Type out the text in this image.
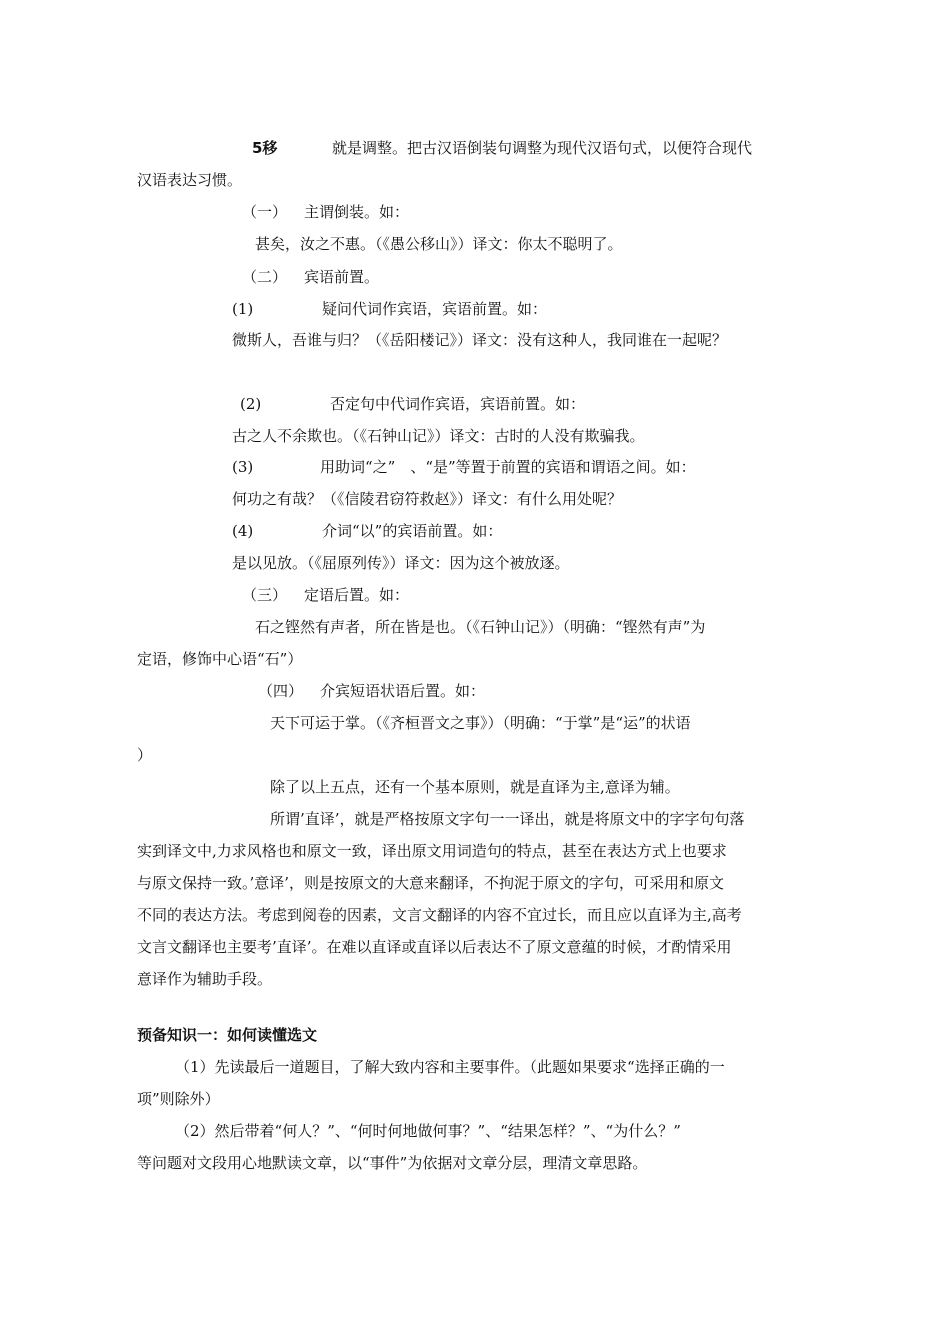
5移	就是调整。把古汉语倒装句调整为现代汉语句式，以便符合现代
汉语表达习惯。
（一） 主谓倒装。如：
甚矣，汝之不惠。（《愚公移山》）译文：你太不聪明了。
（二） 宾语前置。
(1)	疑问代词作宾语，宾语前置。如：
微斯人，吾谁与归？（《岳阳楼记》）译文：没有这种人，我同谁在一起呢？
(2)	否定句中代词作宾语，宾语前置。如：
古之人不余欺也。（《石钟山记》）译文：古时的人没有欺骗我。
(3)	用助词“之”　、“是”等置于前置的宾语和谓语之间。如：
何功之有哉？（《信陵君窃符救赵》）译文：有什么用处呢？
(4)	介词“以”的宾语前置。如：
是以见放。（《屈原列传》）译文：因为这个被放逐。
（三） 定语后置。如：
石之铿然有声者，所在皆是也。（《石钟山记》）（明确：“铿然有声”为
定语，修饰中心语“石”）
（四） 介宾短语状语后置。如：
天下可运于掌。（《齐桓晋文之事》）（明确：“于掌”是“运”的状语
）
除了以上五点，还有一个基本原则，就是直译为主,意译为辅。
所谓’直译’，就是严格按原文字句一一译出，就是将原文中的字字句句落
实到译文中,力求风格也和原文一致，译出原文用词造句的特点，甚至在表达方式上也要求
与原文保持一致。’意译’，则是按原文的大意来翻译，不拘泥于原文的字句，可采用和原文
不同的表达方法。考虑到阅卷的因素，文言文翻译的内容不宜过长，而且应以直译为主,高考
文言文翻译也主要考’直译’。在难以直译或直译以后表达不了原文意蕴的时候，才酌情采用
意译作为辅助手段。
预备知识一：如何读懂选文
（1）先读最后一道题目，了解大致内容和主要事件。（此题如果要求“选择正确的一
项”则除外）
（2）然后带着“何人？”、“何时何地做何事？”、“结果怎样？”、“为什么？”
等问题对文段用心地默读文章，以“事件”为依据对文章分层，理清文章思路。
